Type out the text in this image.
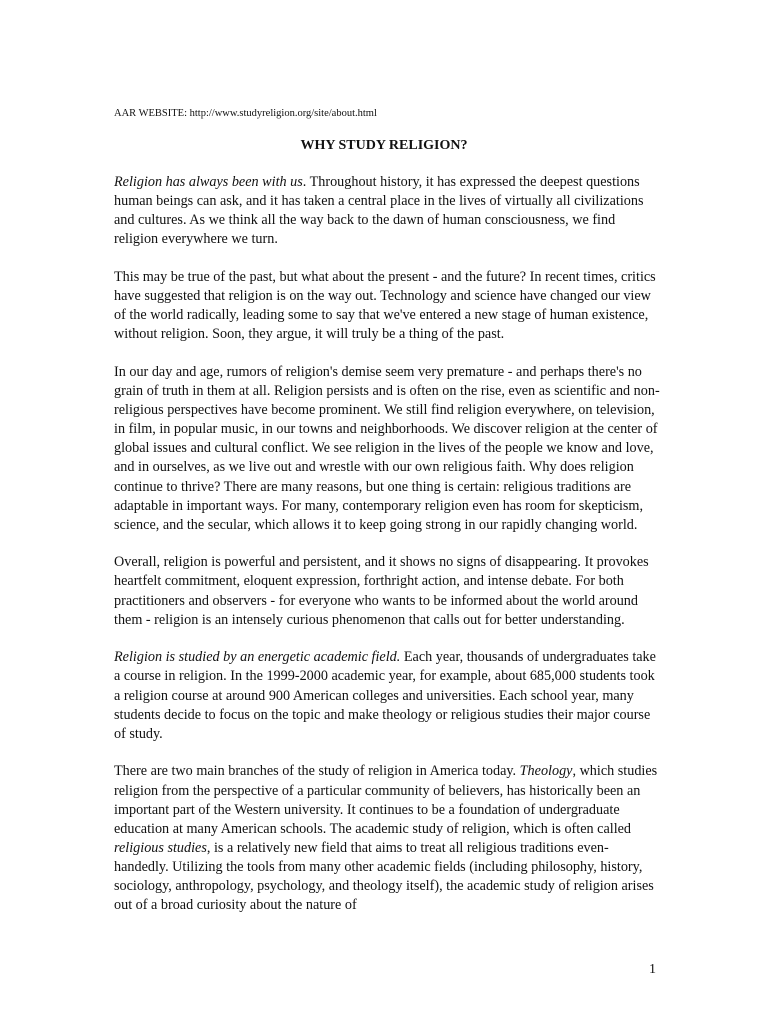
AAR WEBSITE: http://www.studyreligion.org/site/about.html
WHY STUDY RELIGION?

Religion has always been with us. Throughout history, it has expressed the deepest questions human beings can ask, and it has taken a central place in the lives of virtually all civilizations and cultures. As we think all the way back to the dawn of human consciousness, we find religion everywhere we turn.

This may be true of the past, but what about the present - and the future? In recent times, critics have suggested that religion is on the way out. Technology and science have changed our view of the world radically, leading some to say that we've entered a new stage of human existence, without religion. Soon, they argue, it will truly be a thing of the past.

In our day and age, rumors of religion's demise seem very premature - and perhaps there's no grain of truth in them at all. Religion persists and is often on the rise, even as scientific and non-religious perspectives have become prominent. We still find religion everywhere, on television, in film, in popular music, in our towns and neighborhoods. We discover religion at the center of global issues and cultural conflict. We see religion in the lives of the people we know and love, and in ourselves, as we live out and wrestle with our own religious faith. Why does religion continue to thrive? There are many reasons, but one thing is certain: religious traditions are adaptable in important ways. For many, contemporary religion even has room for skepticism, science, and the secular, which allows it to keep going strong in our rapidly changing world.

Overall, religion is powerful and persistent, and it shows no signs of disappearing. It provokes heartfelt commitment, eloquent expression, forthright action, and intense debate. For both practitioners and observers - for everyone who wants to be informed about the world around them - religion is an intensely curious phenomenon that calls out for better understanding.

Religion is studied by an energetic academic field. Each year, thousands of undergraduates take a course in religion. In the 1999-2000 academic year, for example, about 685,000 students took a religion course at around 900 American colleges and universities. Each school year, many students decide to focus on the topic and make theology or religious studies their major course of study.

There are two main branches of the study of religion in America today. Theology, which studies religion from the perspective of a particular community of believers, has historically been an important part of the Western university. It continues to be a foundation of undergraduate education at many American schools. The academic study of religion, which is often called religious studies, is a relatively new field that aims to treat all religious traditions even-handedly. Utilizing the tools from many other academic fields (including philosophy, history, sociology, anthropology, psychology, and theology itself), the academic study of religion arises out of a broad curiosity about the nature of

1
